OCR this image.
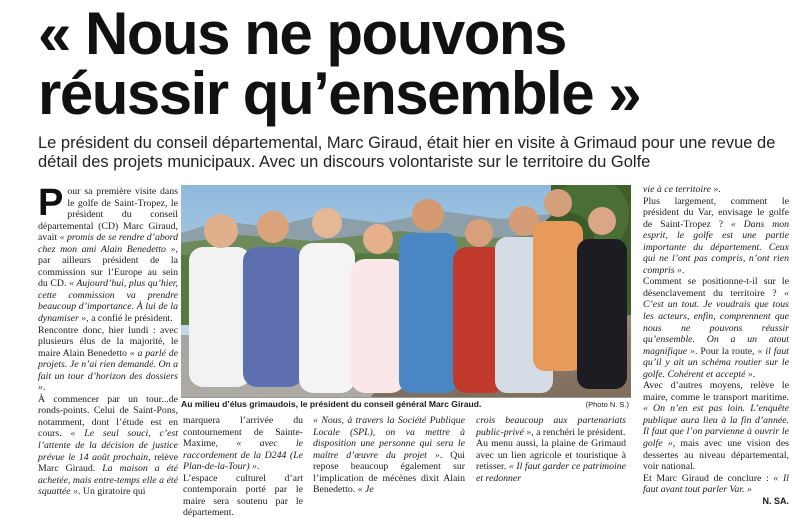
« Nous ne pouvons
réussir qu’ensemble »

Le président du conseil départemental, Marc Giraud, était hier en visite à Grimaud pour une revue de détail des projets municipaux. Avec un discours volontariste sur le territoire du Golfe

Pour sa première visite dans le golfe de Saint-Tropez, le président du conseil départemental (CD) Marc Giraud, avait « promis de se rendre d’abord chez mon ami Alain Benedetto », par ailleurs président de la commission sur l’Europe au sein du CD. « Aujourd’hui, plus qu’hier, cette commission va prendre beaucoup d’importance. À lui de la dynamiser », a confié le président.

Rencontre donc, hier lundi : avec plusieurs élus de la majorité, le maire Alain Benedetto « a parlé de projets. Je n’ai rien demandé. On a fait un tour d’horizon des dossiers ».

À commencer par un tour...de ronds-points. Celui de Saint-Pons, notamment, dont l’étude est en cours. « Le seul souci, c’est l’attente de la décision de justice prévue le 14 août prochain, relève Marc Giraud. La maison a été achetée, mais entre-temps elle a été squattée ». Un giratoire qui

Au milieu d’élus grimaudois, le président du conseil général Marc Giraud.	(Photo N. S.)

marquera l’arrivée du contournement de Sainte-Maxime, « avec le raccordement de la D244 (Le Plan-de-la-Tour) ».

L’espace culturel d’art contemporain porté par le maire sera soutenu par le département.

« Nous, à travers la Société Publique Locale (SPL), on va mettre à disposition une personne qui sera le maître d’œuvre du projet ». Qui repose beaucoup également sur l’implication de mécènes dixit Alain Benedetto. « Je

crois beaucoup aux partenariats public-privé », a renchéri le président.

Au menu aussi, la plaine de Grimaud avec un lien agricole et touristique à retisser. « Il faut garder ce patrimoine et redonner

vie à ce territoire ».

Plus largement, comment le président du Var, envisage le golfe de Saint-Tropez ? « Dans mon esprit, le golfe est une partie importante du département. Ceux qui ne l’ont pas compris, n’ont rien compris ».

Comment se positionne-t-il sur le désenclavement du territoire ? « C’est un tout. Je voudrais que tous les acteurs, enfin, comprennent que nous ne pouvons réussir qu’ensemble. On a un atout magnifique ». Pour la route, « il faut qu’il y ait un schéma routier sur le golfe. Cohérent et accepté ».

Avec d’autres moyens, relève le maire, comme le transport maritime. « On n’en est pas loin. L’enquête publique aura lieu à la fin d’année. Il faut que l’on parvienne à ouvrir le golfe », mais avec une vision des dessertes au niveau départemental, voir national.

Et Marc Giraud de conclure : « Il faut avant tout parler Var. »

N. SA.
